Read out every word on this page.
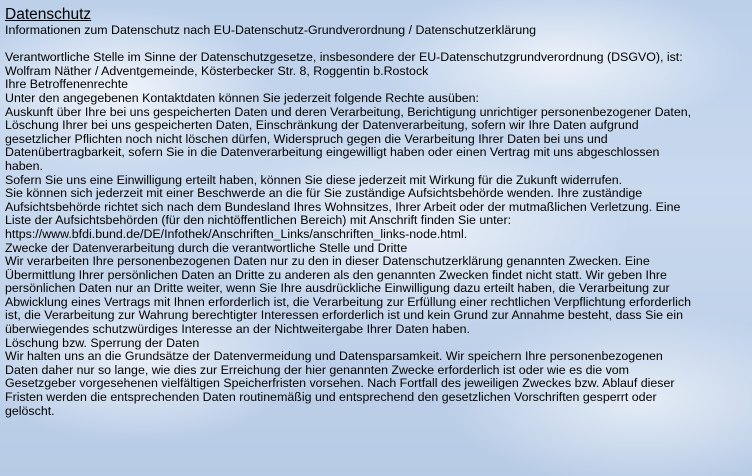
Datenschutz

Informationen zum Datenschutz nach EU-Datenschutz-Grundverordnung / Datenschutzerklärung

Verantwortliche Stelle im Sinne der Datenschutzgesetze, insbesondere der EU-Datenschutzgrundverordnung (DSGVO), ist:

Wolfram Näther / Adventgemeinde, Kösterbecker Str. 8, Roggentin b.Rostock

Ihre Betroffenenrechte

Unter den angegebenen Kontaktdaten können Sie jederzeit folgende Rechte ausüben:

Auskunft über Ihre bei uns gespeicherten Daten und deren Verarbeitung, Berichtigung unrichtiger personenbezogener Daten,

Löschung Ihrer bei uns gespeicherten Daten, Einschränkung der Datenverarbeitung, sofern wir Ihre Daten aufgrund

gesetzlicher Pflichten noch nicht löschen dürfen, Widerspruch gegen die Verarbeitung Ihrer Daten bei uns und

Datenübertragbarkeit, sofern Sie in die Datenverarbeitung eingewilligt haben oder einen Vertrag mit uns abgeschlossen

haben.

Sofern Sie uns eine Einwilligung erteilt haben, können Sie diese jederzeit mit Wirkung für die Zukunft widerrufen.

Sie können sich jederzeit mit einer Beschwerde an die für Sie zuständige Aufsichtsbehörde wenden. Ihre zuständige

Aufsichtsbehörde richtet sich nach dem Bundesland Ihres Wohnsitzes, Ihrer Arbeit oder der mutmaßlichen Verletzung. Eine

Liste der Aufsichtsbehörden (für den nichtöffentlichen Bereich) mit Anschrift finden Sie unter:

https://www.bfdi.bund.de/DE/Infothek/Anschriften_Links/anschriften_links-node.html.

Zwecke der Datenverarbeitung durch die verantwortliche Stelle und Dritte

Wir verarbeiten Ihre personenbezogenen Daten nur zu den in dieser Datenschutzerklärung genannten Zwecken. Eine

Übermittlung Ihrer persönlichen Daten an Dritte zu anderen als den genannten Zwecken findet nicht statt. Wir geben Ihre

persönlichen Daten nur an Dritte weiter, wenn Sie Ihre ausdrückliche Einwilligung dazu erteilt haben, die Verarbeitung zur

Abwicklung eines Vertrags mit Ihnen erforderlich ist, die Verarbeitung zur Erfüllung einer rechtlichen Verpflichtung erforderlich

ist, die Verarbeitung zur Wahrung berechtigter Interessen erforderlich ist und kein Grund zur Annahme besteht, dass Sie ein

überwiegendes schutzwürdiges Interesse an der Nichtweitergabe Ihrer Daten haben.

Löschung bzw. Sperrung der Daten

Wir halten uns an die Grundsätze der Datenvermeidung und Datensparsamkeit. Wir speichern Ihre personenbezogenen

Daten daher nur so lange, wie dies zur Erreichung der hier genannten Zwecke erforderlich ist oder wie es die vom

Gesetzgeber vorgesehenen vielfältigen Speicherfristen vorsehen. Nach Fortfall des jeweiligen Zweckes bzw. Ablauf dieser

Fristen werden die entsprechenden Daten routinemäßig und entsprechend den gesetzlichen Vorschriften gesperrt oder

gelöscht.
